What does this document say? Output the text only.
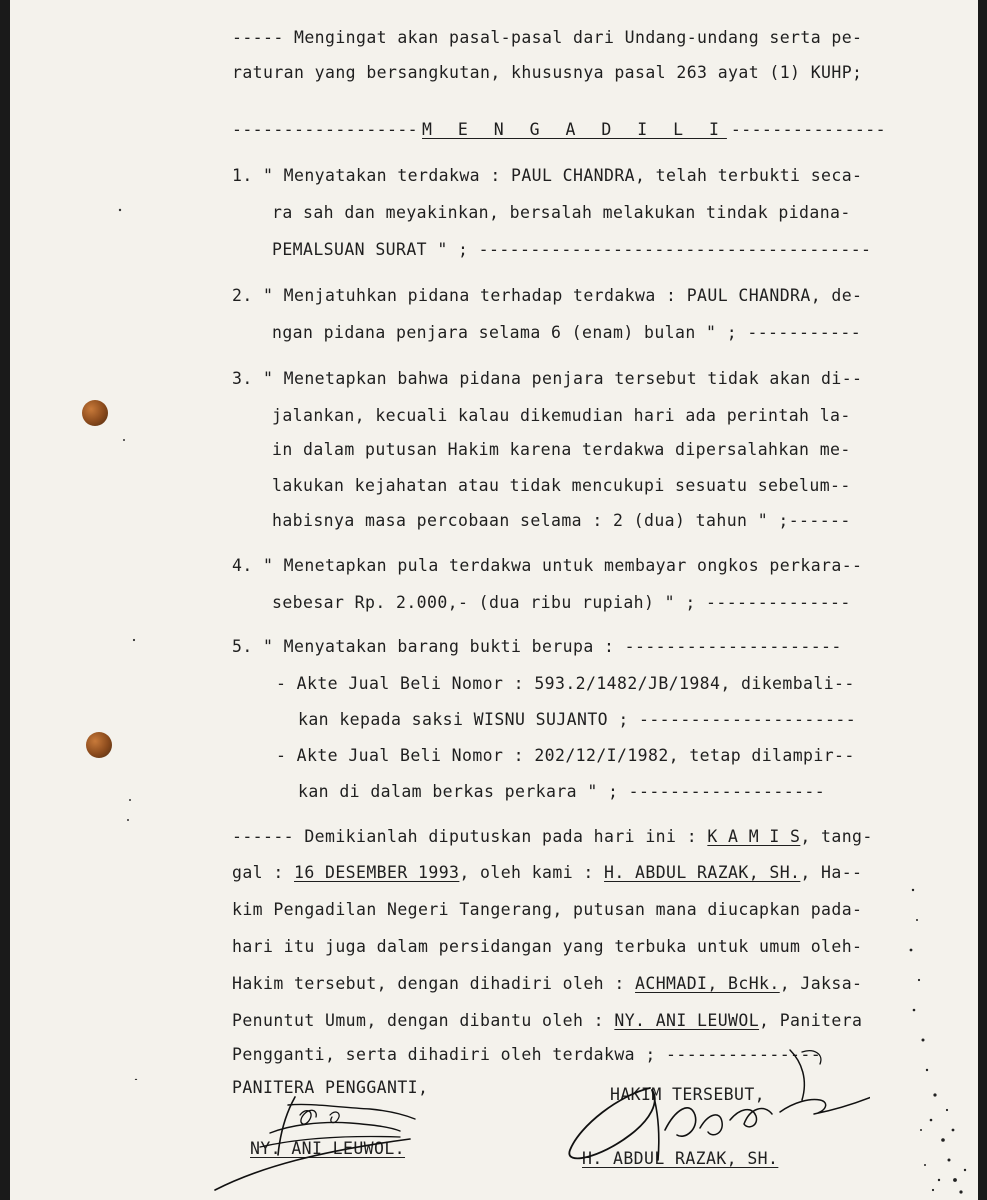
----- Mengingat akan pasal-pasal dari Undang-undang serta pe-
raturan yang bersangkutan, khususnya pasal 263 ayat (1) KUHP;
------------------ M E N G A D I L I ---------------
1. " Menyatakan terdakwa : PAUL CHANDRA, telah terbukti seca-
ra sah dan meyakinkan, bersalah melakukan tindak pidana-
PEMALSUAN SURAT " ; --------------------------------------
2. " Menjatuhkan pidana terhadap terdakwa : PAUL CHANDRA, de-
ngan pidana penjara selama 6 (enam) bulan " ; -----------
3. " Menetapkan bahwa pidana penjara tersebut tidak akan di--
jalankan, kecuali kalau dikemudian hari ada perintah la-
in dalam putusan Hakim karena terdakwa dipersalahkan me-
lakukan kejahatan atau tidak mencukupi sesuatu sebelum--
habisnya masa percobaan selama : 2 (dua) tahun " ;------
4. " Menetapkan pula terdakwa untuk membayar ongkos perkara--
sebesar Rp. 2.000,- (dua ribu rupiah) " ; --------------
5. " Menyatakan barang bukti berupa : ---------------------
- Akte Jual Beli Nomor : 593.2/1482/JB/1984, dikembali--
kan kepada saksi WISNU SUJANTO ; ---------------------
- Akte Jual Beli Nomor : 202/12/I/1982, tetap dilampir--
kan di dalam berkas perkara " ; -------------------
------ Demikianlah diputuskan pada hari ini : K A M I S, tang-
gal : 16 DESEMBER 1993, oleh kami : H. ABDUL RAZAK, SH., Ha--
kim Pengadilan Negeri Tangerang, putusan mana diucapkan pada-
hari itu juga dalam persidangan yang terbuka untuk umum oleh-
Hakim tersebut, dengan dihadiri oleh : ACHMADI, BcHk., Jaksa-
Penuntut Umum, dengan dibantu oleh : NY. ANI LEUWOL, Panitera
Pengganti, serta dihadiri oleh terdakwa ; ---------------
PANITERA PENGGANTI,
NY. ANI LEUWOL.
HAKIM TERSEBUT,
H. ABDUL RAZAK, SH.
